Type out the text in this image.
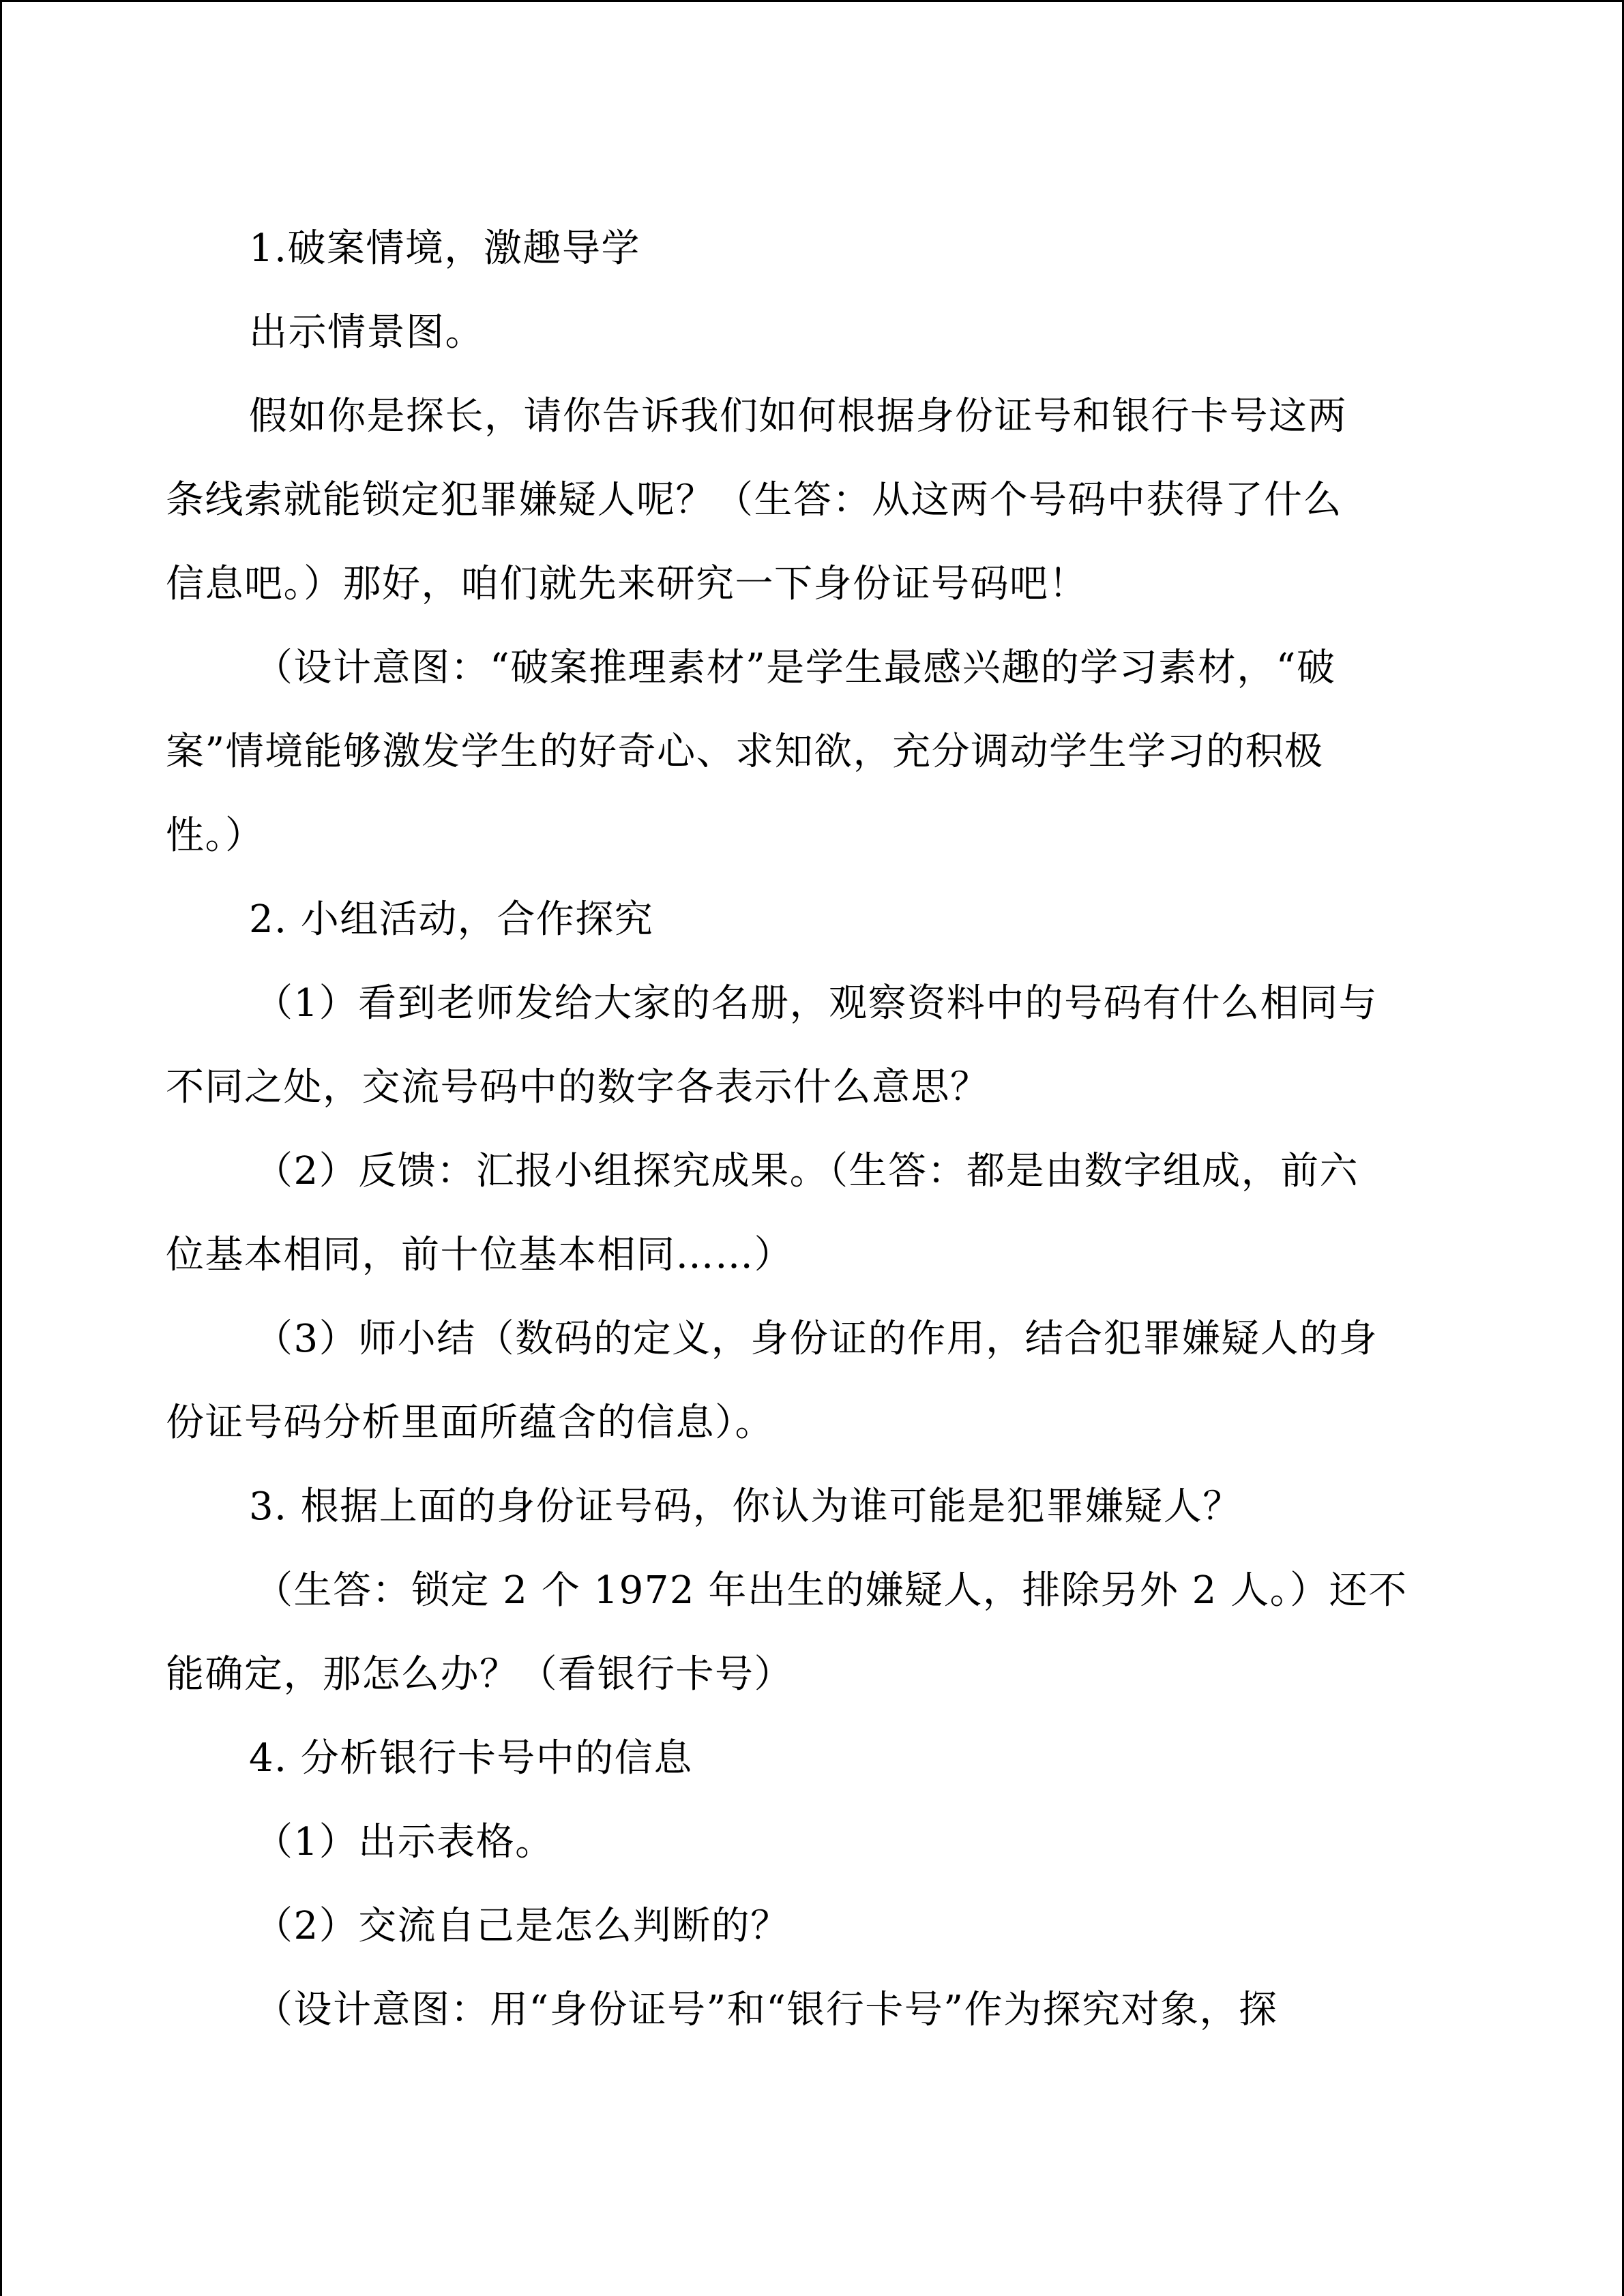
1.破案情境，激趣导学
出示情景图。
假如你是探长，请你告诉我们如何根据身份证号和银行卡号这两
条线索就能锁定犯罪嫌疑人呢？（生答：从这两个号码中获得了什么
信息吧。）那好，咱们就先来研究一下身份证号码吧！
（设计意图：“破案推理素材”是学生最感兴趣的学习素材，“破
案”情境能够激发学生的好奇心、求知欲，充分调动学生学习的积极
性。）
2. 小组活动，合作探究
（1）看到老师发给大家的名册，观察资料中的号码有什么相同与
不同之处，交流号码中的数字各表示什么意思？
（2）反馈：汇报小组探究成果。（生答：都是由数字组成，前六
位基本相同，前十位基本相同……）
（3）师小结（数码的定义，身份证的作用，结合犯罪嫌疑人的身
份证号码分析里面所蕴含的信息）。
3. 根据上面的身份证号码，你认为谁可能是犯罪嫌疑人？
（生答：锁定 2 个 1972 年出生的嫌疑人，排除另外 2 人。）还不
能确定，那怎么办？（看银行卡号）
4. 分析银行卡号中的信息
（1）出示表格。
（2）交流自己是怎么判断的？
（设计意图：用“身份证号”和“银行卡号”作为探究对象，探
